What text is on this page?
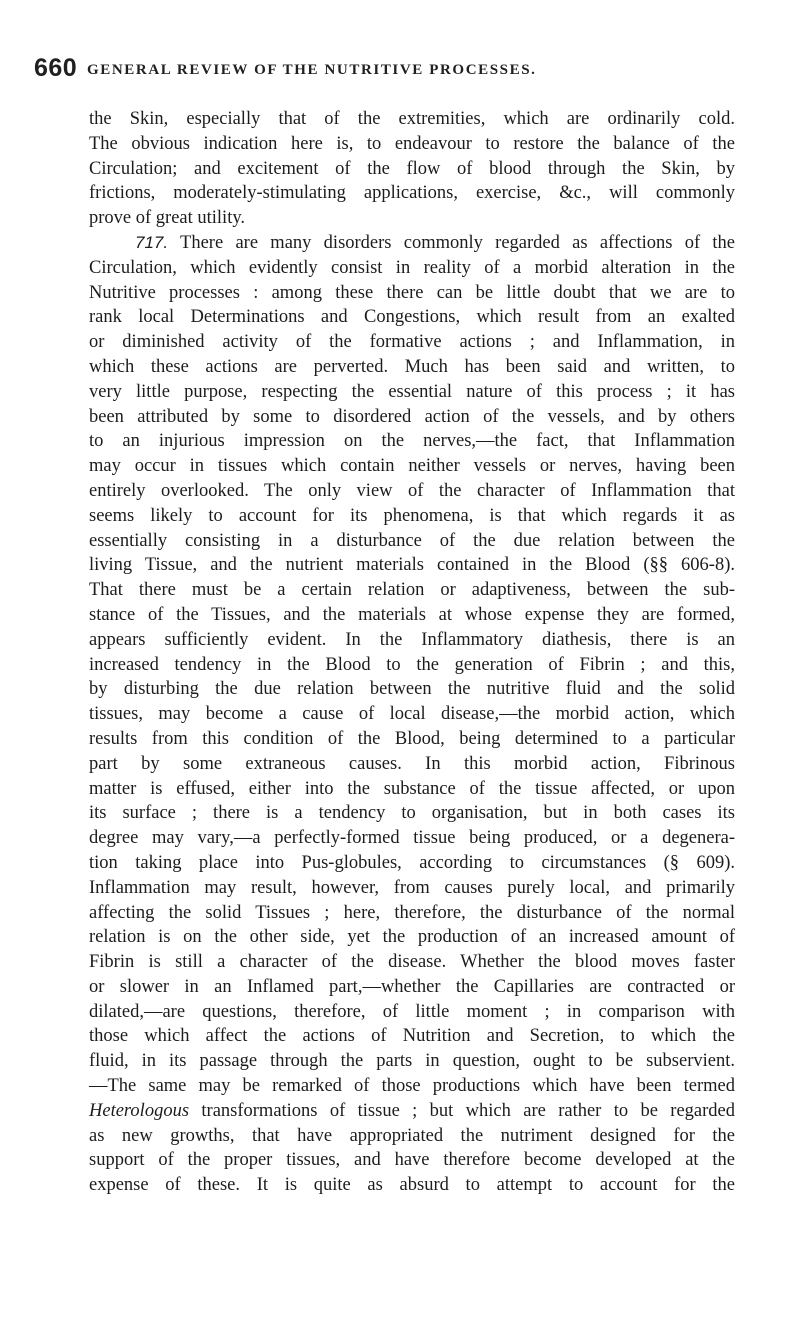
660 GENERAL REVIEW OF THE NUTRITIVE PROCESSES.
the Skin, especially that of the extremities, which are ordinarily cold.
The obvious indication here is, to endeavour to restore the balance of the
Circulation; and excitement of the flow of blood through the Skin, by
frictions, moderately-stimulating applications, exercise, &c., will commonly
prove of great utility.
717. There are many disorders commonly regarded as affections of the
Circulation, which evidently consist in reality of a morbid alteration in the
Nutritive processes : among these there can be little doubt that we are to
rank local Determinations and Congestions, which result from an exalted
or diminished activity of the formative actions ; and Inflammation, in
which these actions are perverted. Much has been said and written, to
very little purpose, respecting the essential nature of this process ; it has
been attributed by some to disordered action of the vessels, and by others
to an injurious impression on the nerves,—the fact, that Inflammation
may occur in tissues which contain neither vessels or nerves, having been
entirely overlooked. The only view of the character of Inflammation that
seems likely to account for its phenomena, is that which regards it as
essentially consisting in a disturbance of the due relation between the
living Tissue, and the nutrient materials contained in the Blood (§§ 606-8).
That there must be a certain relation or adaptiveness, between the sub-
stance of the Tissues, and the materials at whose expense they are formed,
appears sufficiently evident. In the Inflammatory diathesis, there is an
increased tendency in the Blood to the generation of Fibrin ; and this,
by disturbing the due relation between the nutritive fluid and the solid
tissues, may become a cause of local disease,—the morbid action, which
results from this condition of the Blood, being determined to a particular
part by some extraneous causes. In this morbid action, Fibrinous
matter is effused, either into the substance of the tissue affected, or upon
its surface ; there is a tendency to organisation, but in both cases its
degree may vary,—a perfectly-formed tissue being produced, or a degenera-
tion taking place into Pus-globules, according to circumstances (§ 609).
Inflammation may result, however, from causes purely local, and primarily
affecting the solid Tissues ; here, therefore, the disturbance of the normal
relation is on the other side, yet the production of an increased amount of
Fibrin is still a character of the disease. Whether the blood moves faster
or slower in an Inflamed part,—whether the Capillaries are contracted or
dilated,—are questions, therefore, of little moment ; in comparison with
those which affect the actions of Nutrition and Secretion, to which the
fluid, in its passage through the parts in question, ought to be subservient.
—The same may be remarked of those productions which have been termed
Heterologous transformations of tissue ; but which are rather to be regarded
as new growths, that have appropriated the nutriment designed for the
support of the proper tissues, and have therefore become developed at the
expense of these. It is quite as absurd to attempt to account for the
